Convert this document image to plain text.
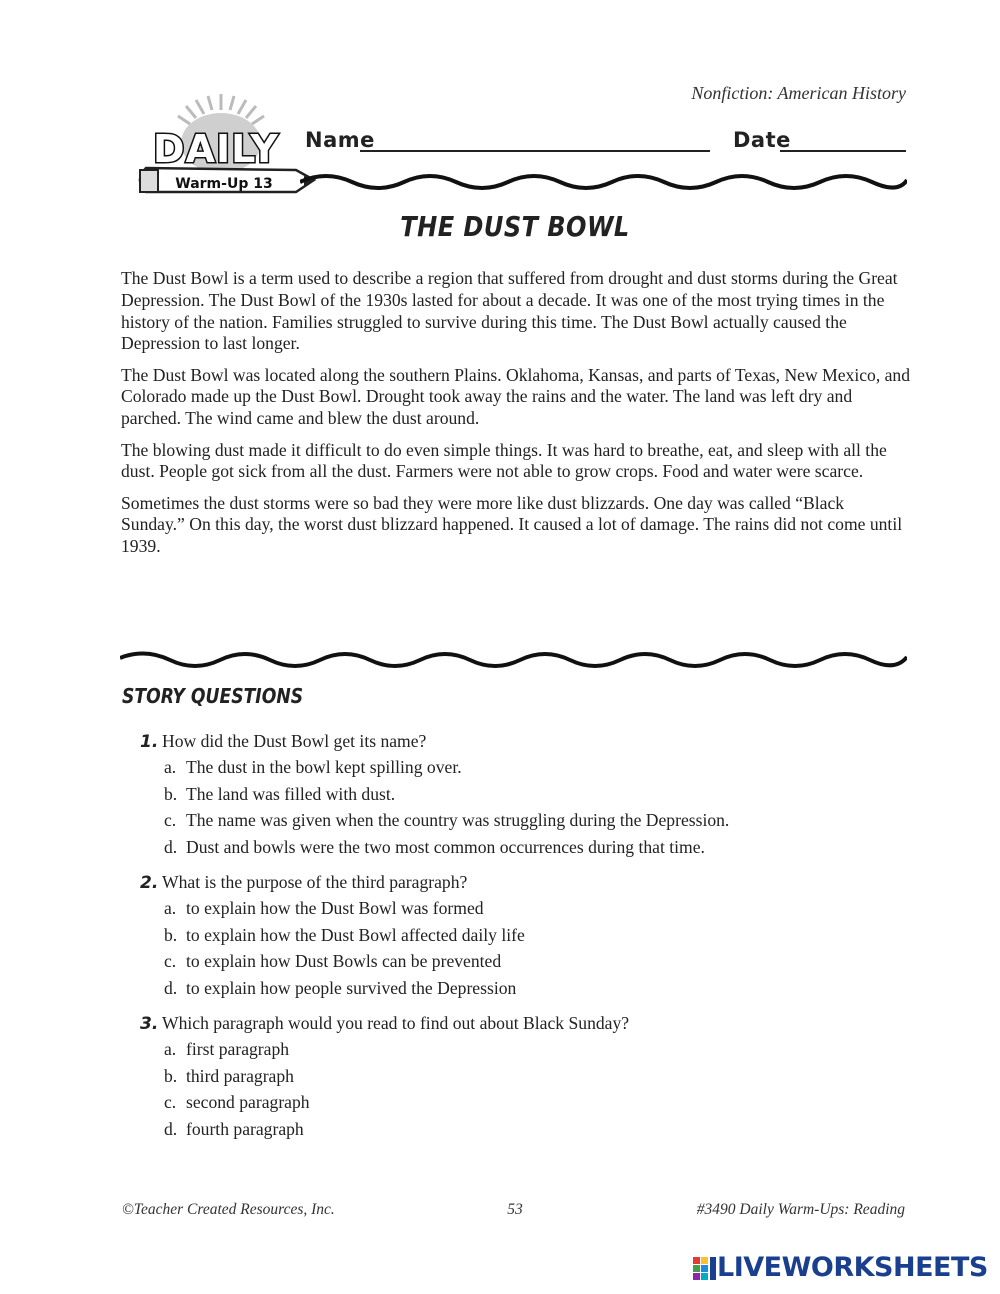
Nonfiction: American History
DAILY
Warm-Up 13
Name	Date
THE DUST BOWL

The Dust Bowl is a term used to describe a region that suffered from drought and dust storms during the Great Depression. The Dust Bowl of the 1930s lasted for about a decade. It was one of the most trying times in the history of the nation. Families struggled to survive during this time. The Dust Bowl actually caused the Depression to last longer.

The Dust Bowl was located along the southern Plains. Oklahoma, Kansas, and parts of Texas, New Mexico, and Colorado made up the Dust Bowl. Drought took away the rains and the water. The land was left dry and parched. The wind came and blew the dust around.

The blowing dust made it difficult to do even simple things. It was hard to breathe, eat, and sleep with all the dust. People got sick from all the dust. Farmers were not able to grow crops. Food and water were scarce.

Sometimes the dust storms were so bad they were more like dust blizzards. One day was called “Black Sunday.” On this day, the worst dust blizzard happened. It caused a lot of damage. The rains did not come until 1939.

STORY QUESTIONS
1. How did the Dust Bowl get its name?
a. The dust in the bowl kept spilling over.
b. The land was filled with dust.
c. The name was given when the country was struggling during the Depression.
d. Dust and bowls were the two most common occurrences during that time.
2. What is the purpose of the third paragraph?
a. to explain how the Dust Bowl was formed
b. to explain how the Dust Bowl affected daily life
c. to explain how Dust Bowls can be prevented
d. to explain how people survived the Depression
3. Which paragraph would you read to find out about Black Sunday?
a. first paragraph
b. third paragraph
c. second paragraph
d. fourth paragraph
©Teacher Created Resources, Inc.	53	#3490 Daily Warm-Ups: Reading
LIVEWORKSHEETS
